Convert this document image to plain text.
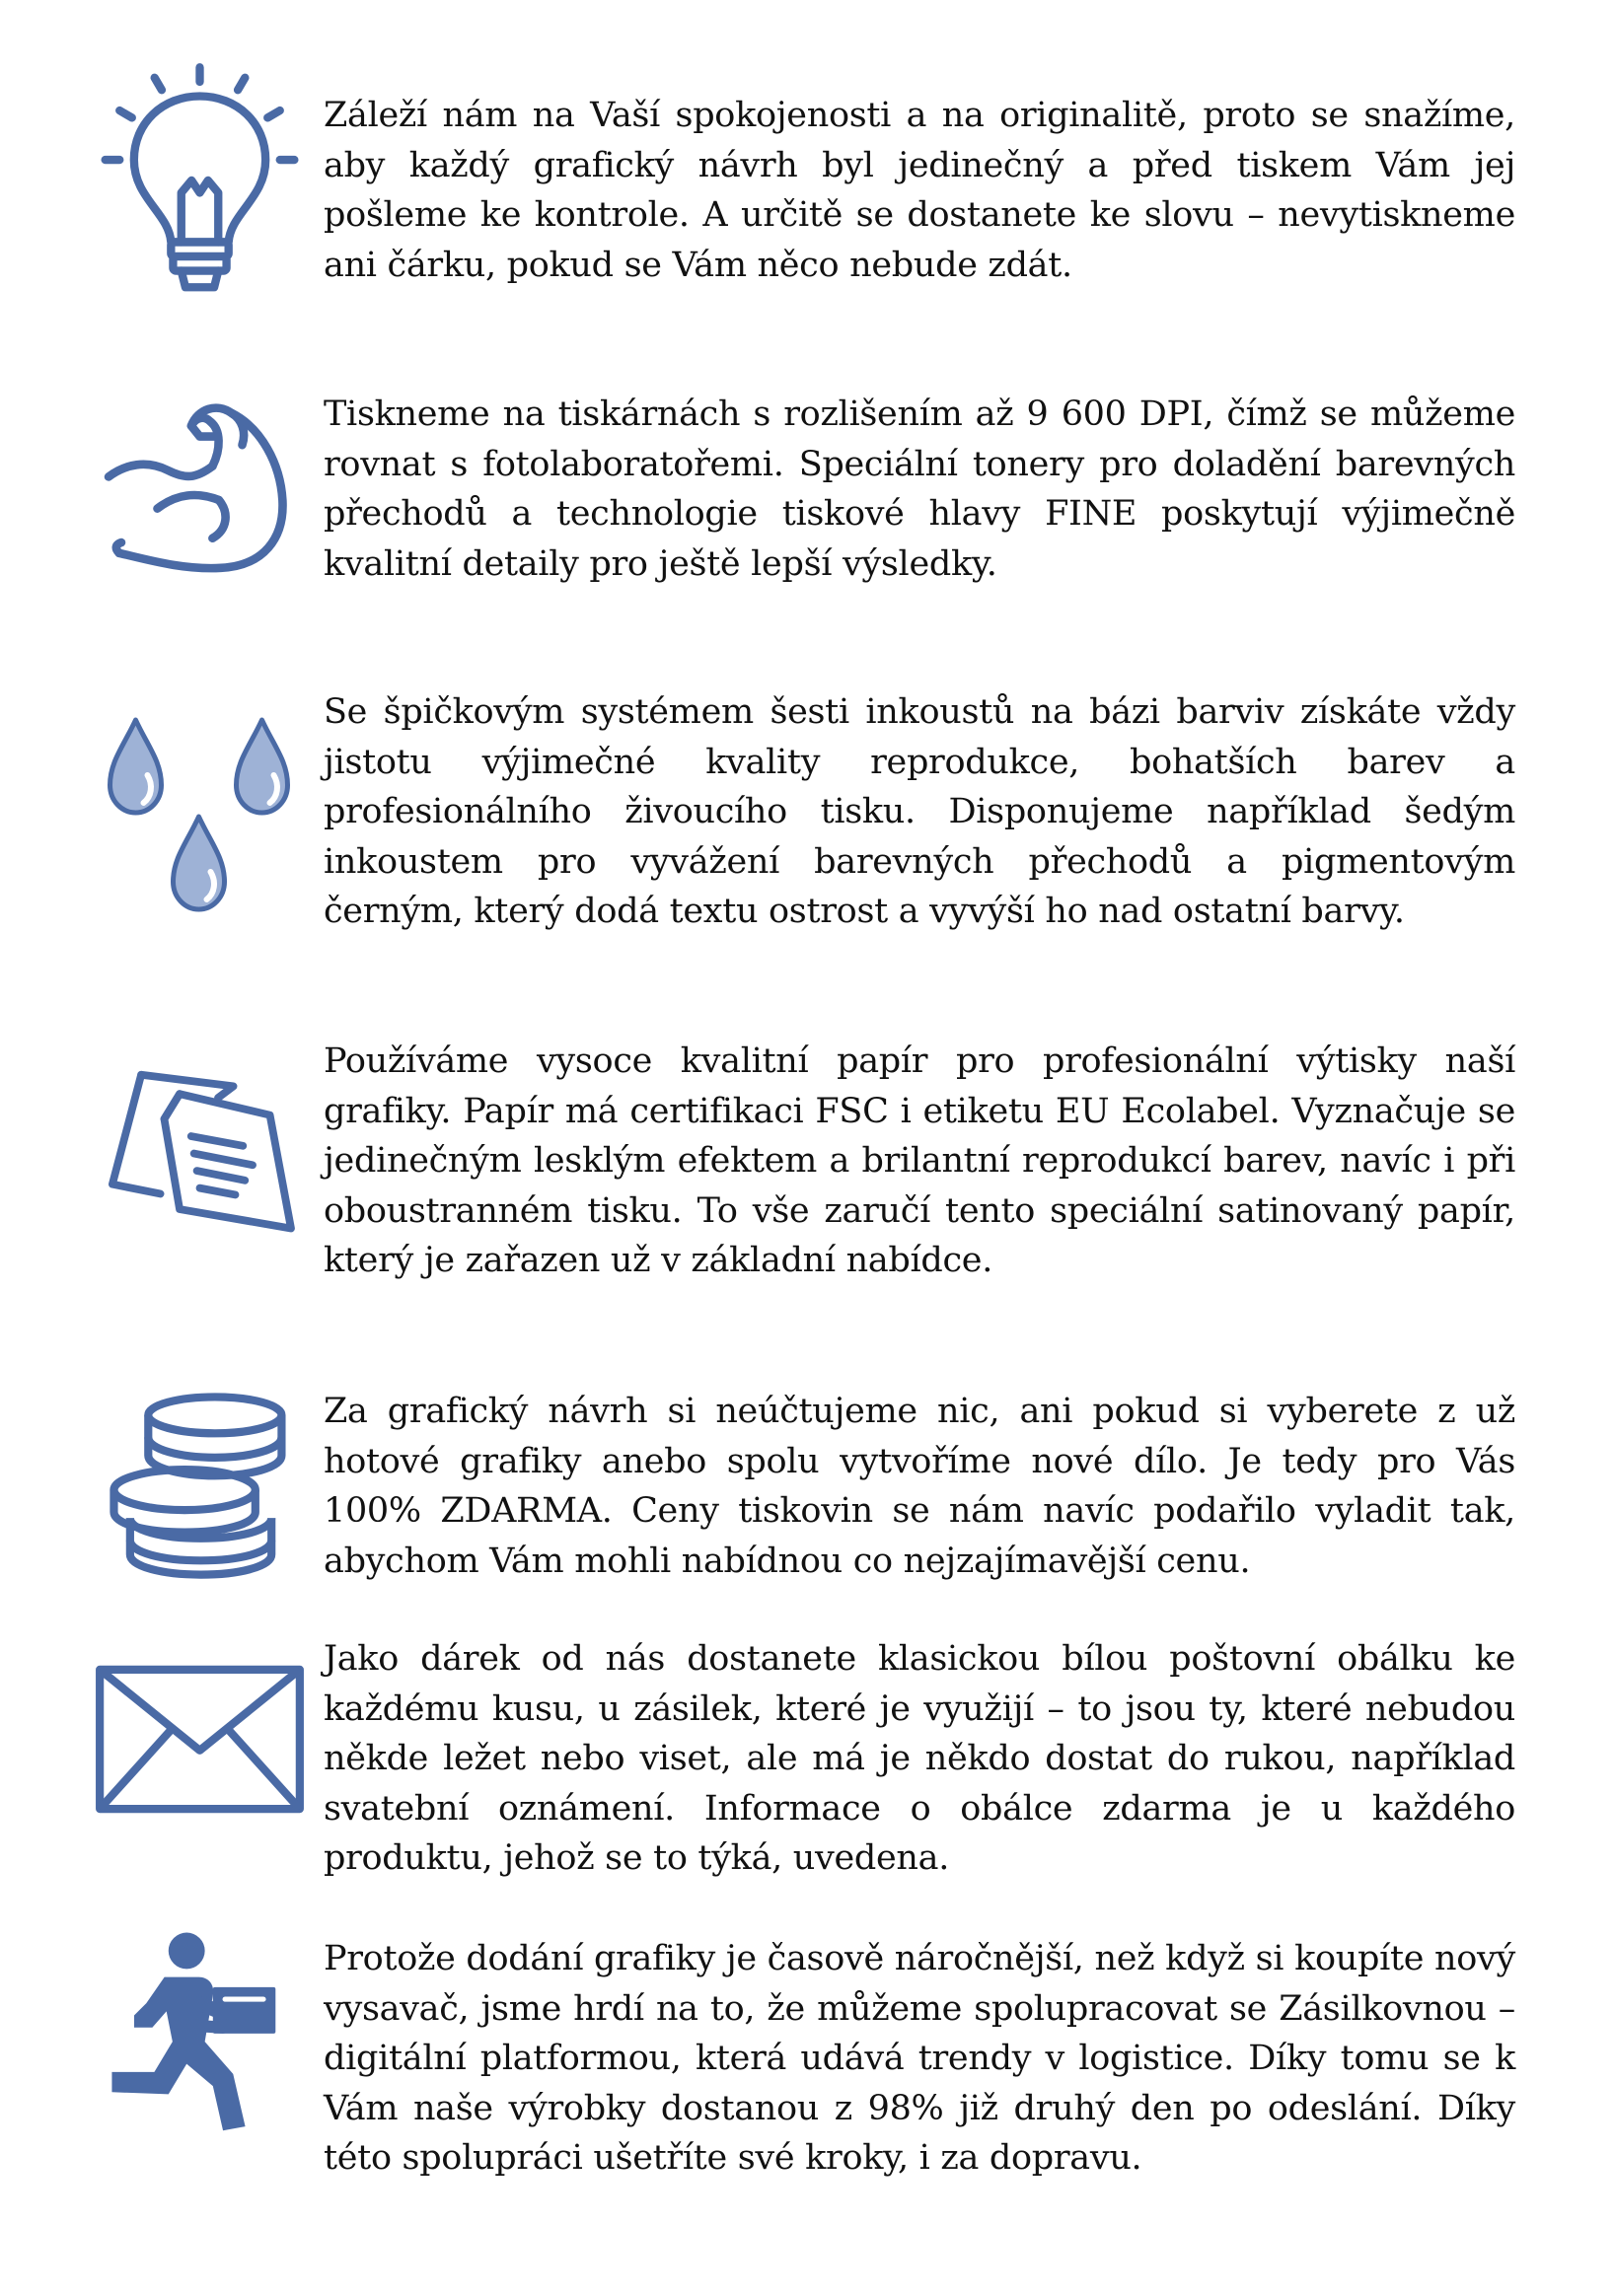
Záleží nám na Vaší spokojenosti a na originalitě, proto se snažíme, aby každý grafický návrh byl jedinečný a před tiskem Vám jej pošleme ke kontrole. A určitě se dostanete ke slovu – nevytiskneme ani čárku, pokud se Vám něco nebude zdát.

Tiskneme na tiskárnách s rozlišením až 9 600 DPI, čímž se můžeme rovnat s fotolaboratořemi. Speciální tonery pro doladění barevných přechodů a technologie tiskové hlavy FINE poskytují výjimečně kvalitní detaily pro ještě lepší výsledky.

Se špičkovým systémem šesti inkoustů na bázi barviv získáte vždy jistotu výjimečné kvality reprodukce, bohatších barev a profesionálního živoucího tisku. Disponujeme například šedým inkoustem pro vyvážení barevných přechodů a pigmentovým černým, který dodá textu ostrost a vyvýší ho nad ostatní barvy.

Používáme vysoce kvalitní papír pro profesionální výtisky naší grafiky. Papír má certifikaci FSC i etiketu EU Ecolabel. Vyznačuje se jedinečným lesklým efektem a brilantní reprodukcí barev, navíc i při oboustranném tisku. To vše zaručí tento speciální satinovaný papír, který je zařazen už v základní nabídce.

Za grafický návrh si neúčtujeme nic, ani pokud si vyberete z už hotové grafiky anebo spolu vytvoříme nové dílo. Je tedy pro Vás 100% ZDARMA. Ceny tiskovin se nám navíc podařilo vyladit tak, abychom Vám mohli nabídnou co nejzajímavější cenu.

Jako dárek od nás dostanete klasickou bílou poštovní obálku ke každému kusu, u zásilek, které je využijí – to jsou ty, které nebudou někde ležet nebo viset, ale má je někdo dostat do rukou, například svatební oznámení. Informace o obálce zdarma je u každého produktu, jehož se to týká, uvedena.

Protože dodání grafiky je časově náročnější, než když si koupíte nový vysavač, jsme hrdí na to, že můžeme spolupracovat se Zásilkovnou – digitální platformou, která udává trendy v logistice. Díky tomu se k Vám naše výrobky dostanou z 98% již druhý den po odeslání. Díky této spolupráci ušetříte své kroky, i za dopravu.
